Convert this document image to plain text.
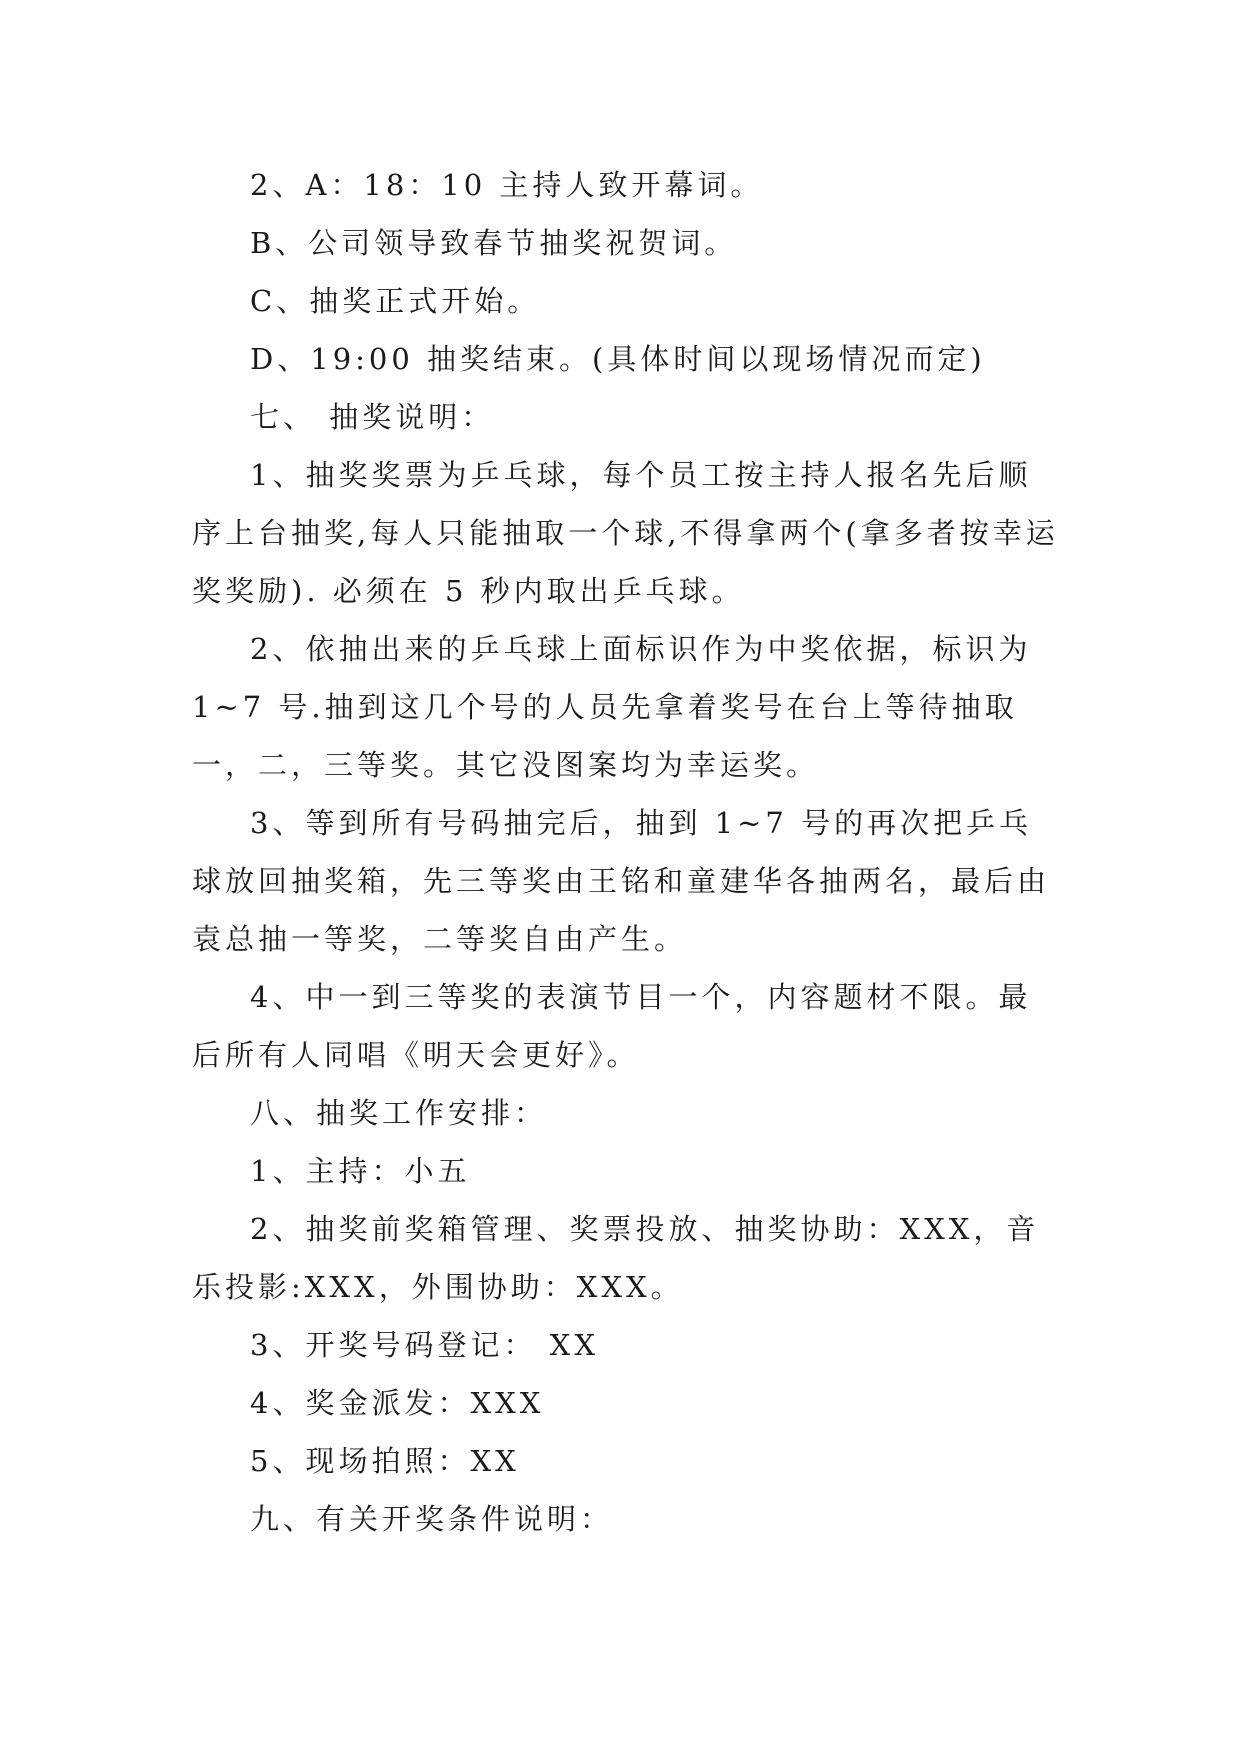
2、A：18：10 主持人致开幕词。

B、公司领导致春节抽奖祝贺词。

C、抽奖正式开始。

D、19:00 抽奖结束。(具体时间以现场情况而定)

七、 抽奖说明：

1、抽奖奖票为乒乓球，每个员工按主持人报名先后顺序上台抽奖,每人只能抽取一个球,不得拿两个(拿多者按幸运奖奖励). 必须在 5 秒内取出乒乓球。

2、依抽出来的乒乓球上面标识作为中奖依据，标识为 1~7 号.抽到这几个号的人员先拿着奖号在台上等待抽取一，二，三等奖。其它没图案均为幸运奖。

3、等到所有号码抽完后，抽到 1~7 号的再次把乒乓球放回抽奖箱，先三等奖由王铭和童建华各抽两名，最后由袁总抽一等奖，二等奖自由产生。

4、中一到三等奖的表演节目一个，内容题材不限。最后所有人同唱《明天会更好》。

八、抽奖工作安排：

1、主持：小五

2、抽奖前奖箱管理、奖票投放、抽奖协助：XXX，音乐投影:XXX，外围协助：XXX。

3、开奖号码登记： XX

4、奖金派发：XXX

5、现场拍照：XX

九、有关开奖条件说明：
